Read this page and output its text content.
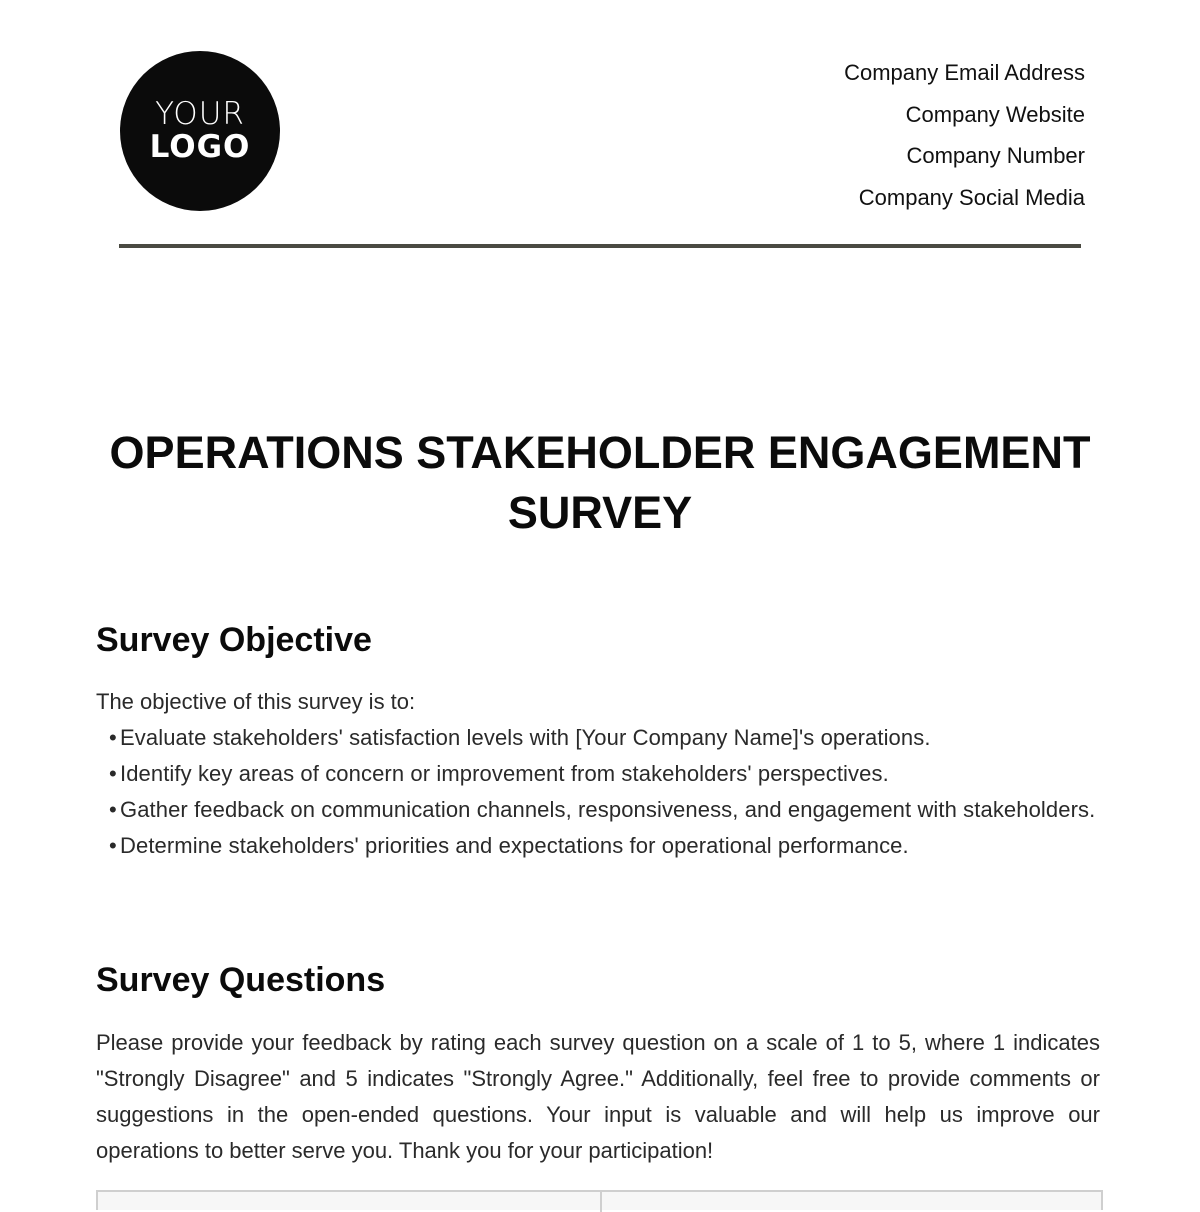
YOUR
LOGO
Company Email Address
Company Website
Company Number
Company Social Media
OPERATIONS STAKEHOLDER ENGAGEMENT SURVEY
Survey Objective

The objective of this survey is to:

• Evaluate stakeholders' satisfaction levels with [Your Company Name]'s operations.
• Identify key areas of concern or improvement from stakeholders' perspectives.
• Gather feedback on communication channels, responsiveness, and engagement with stakeholders.
• Determine stakeholders' priorities and expectations for operational performance.
Survey Questions

Please provide your feedback by rating each survey question on a scale of 1 to 5, where 1 indicates "Strongly Disagree" and 5 indicates "Strongly Agree." Additionally, feel free to provide comments or suggestions in the open-ended questions. Your input is valuable and will help us improve our operations to better serve you. Thank you for your participation!
